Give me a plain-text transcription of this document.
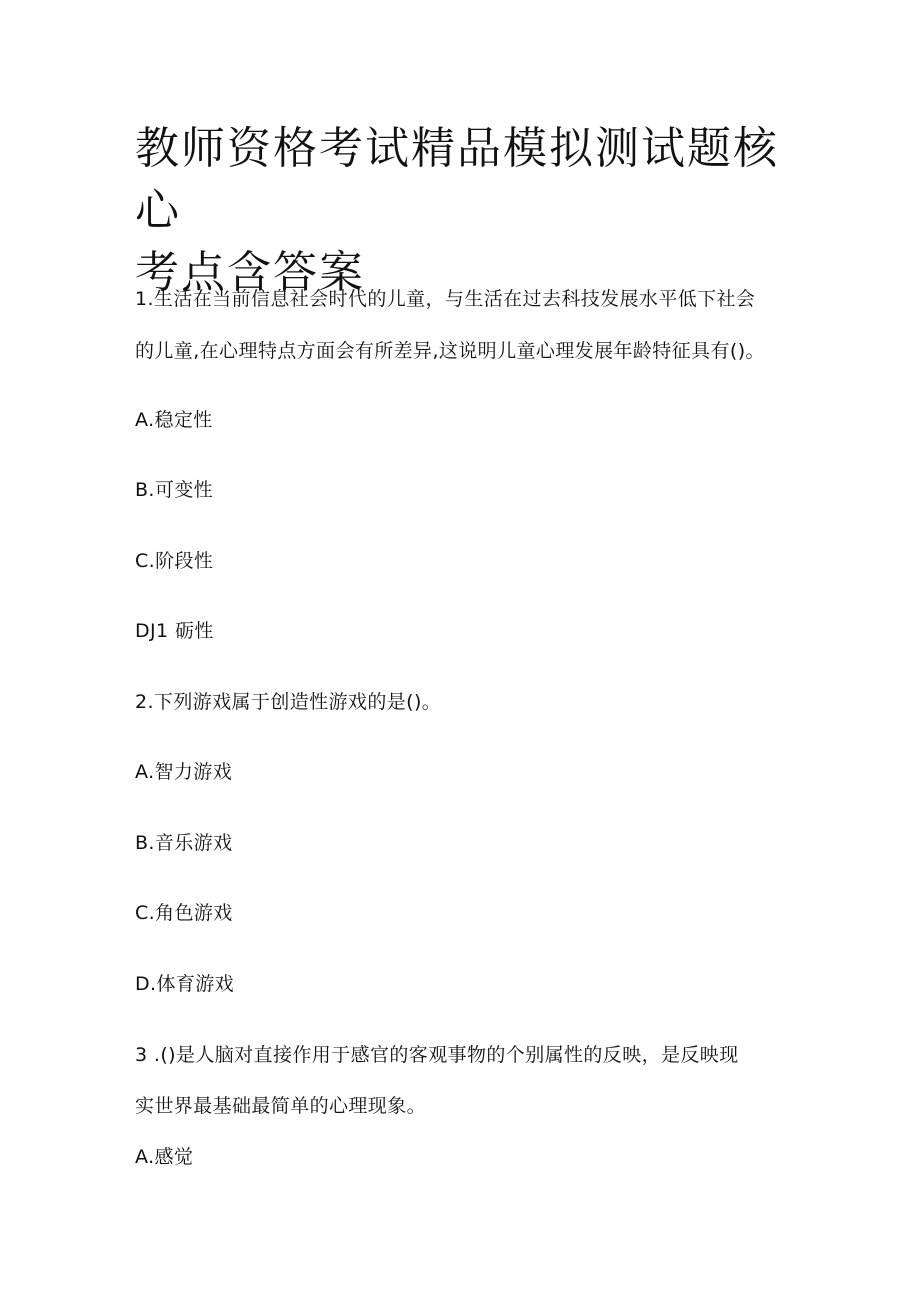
教师资格考试精品模拟测试题核心
考点含答案
1.生活在当前信息社会时代的儿童，与生活在过去科技发展水平低下社会
的儿童,在心理特点方面会有所差异,这说明儿童心理发展年龄特征具有()。
A.稳定性
B.可变性
C.阶段性
DJ1 砺性
2.下列游戏属于创造性游戏的是()。
A.智力游戏
B.音乐游戏
C.角色游戏
D.体育游戏
3 .()是人脑对直接作用于感官的客观事物的个别属性的反映，是反映现
实世界最基础最简单的心理现象。
A.感觉
